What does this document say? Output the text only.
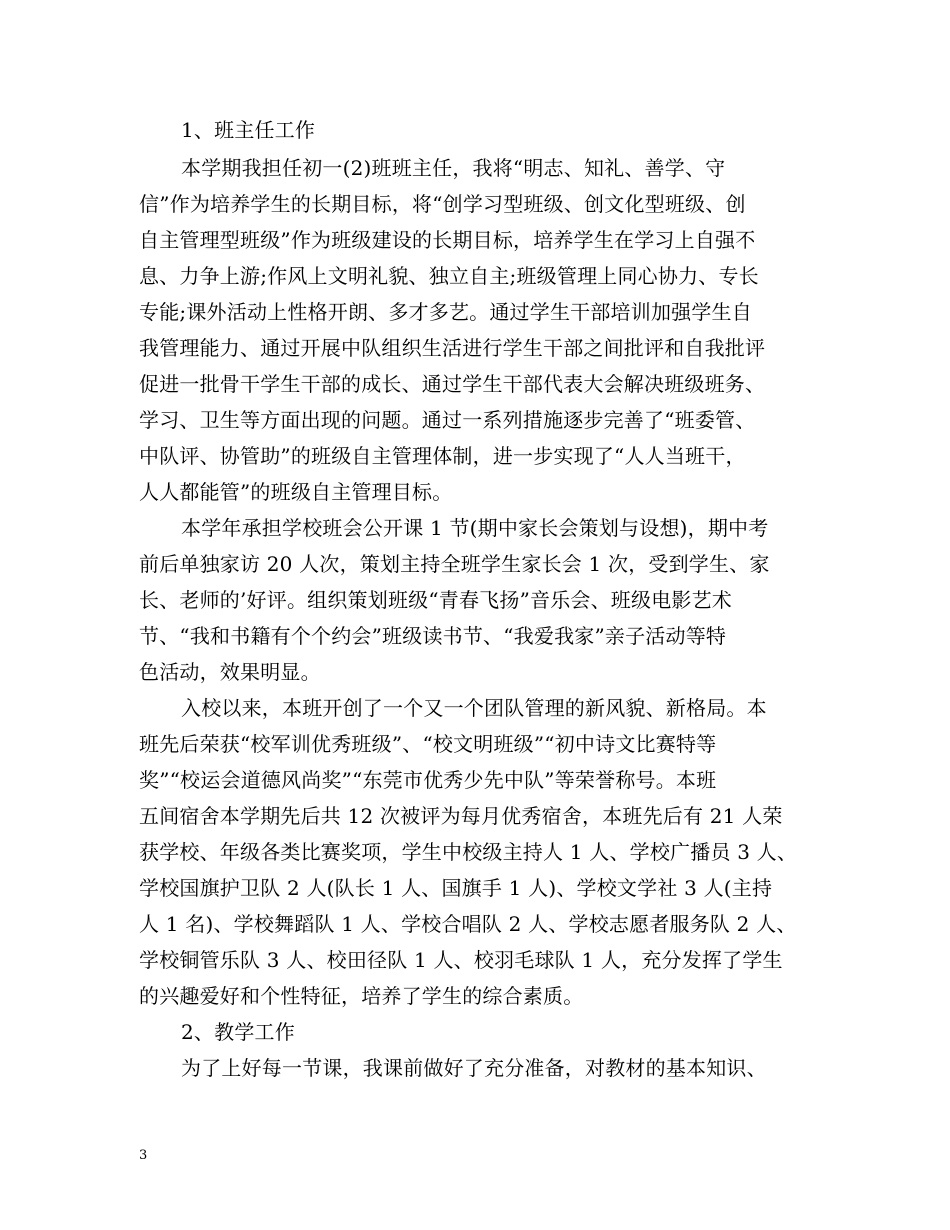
1、班主任工作
本学期我担任初一(2)班班主任，我将“明志、知礼、善学、守
信”作为培养学生的长期目标，将“创学习型班级、创文化型班级、创
自主管理型班级”作为班级建设的长期目标，培养学生在学习上自强不
息、力争上游;作风上文明礼貌、独立自主;班级管理上同心协力、专长
专能;课外活动上性格开朗、多才多艺。通过学生干部培训加强学生自
我管理能力、通过开展中队组织生活进行学生干部之间批评和自我批评
促进一批骨干学生干部的成长、通过学生干部代表大会解决班级班务、
学习、卫生等方面出现的问题。通过一系列措施逐步完善了“班委管、
中队评、协管助”的班级自主管理体制，进一步实现了“人人当班干，
人人都能管”的班级自主管理目标。
本学年承担学校班会公开课 1 节(期中家长会策划与设想)，期中考
前后单独家访 20 人次，策划主持全班学生家长会 1 次，受到学生、家
长、老师的’好评。组织策划班级“青春飞扬”音乐会、班级电影艺术
节、“我和书籍有个个约会”班级读书节、“我爱我家”亲子活动等特
色活动，效果明显。
入校以来，本班开创了一个又一个团队管理的新风貌、新格局。本
班先后荣获“校军训优秀班级”、“校文明班级”“初中诗文比赛特等
奖”“校运会道德风尚奖”“东莞市优秀少先中队”等荣誉称号。本班
五间宿舍本学期先后共 12 次被评为每月优秀宿舍，本班先后有 21 人荣
获学校、年级各类比赛奖项，学生中校级主持人 1 人、学校广播员 3 人、
学校国旗护卫队 2 人(队长 1 人、国旗手 1 人)、学校文学社 3 人(主持
人 1 名)、学校舞蹈队 1 人、学校合唱队 2 人、学校志愿者服务队 2 人、
学校铜管乐队 3 人、校田径队 1 人、校羽毛球队 1 人，充分发挥了学生
的兴趣爱好和个性特征，培养了学生的综合素质。
2、教学工作
为了上好每一节课，我课前做好了充分准备，对教材的基本知识、
3
